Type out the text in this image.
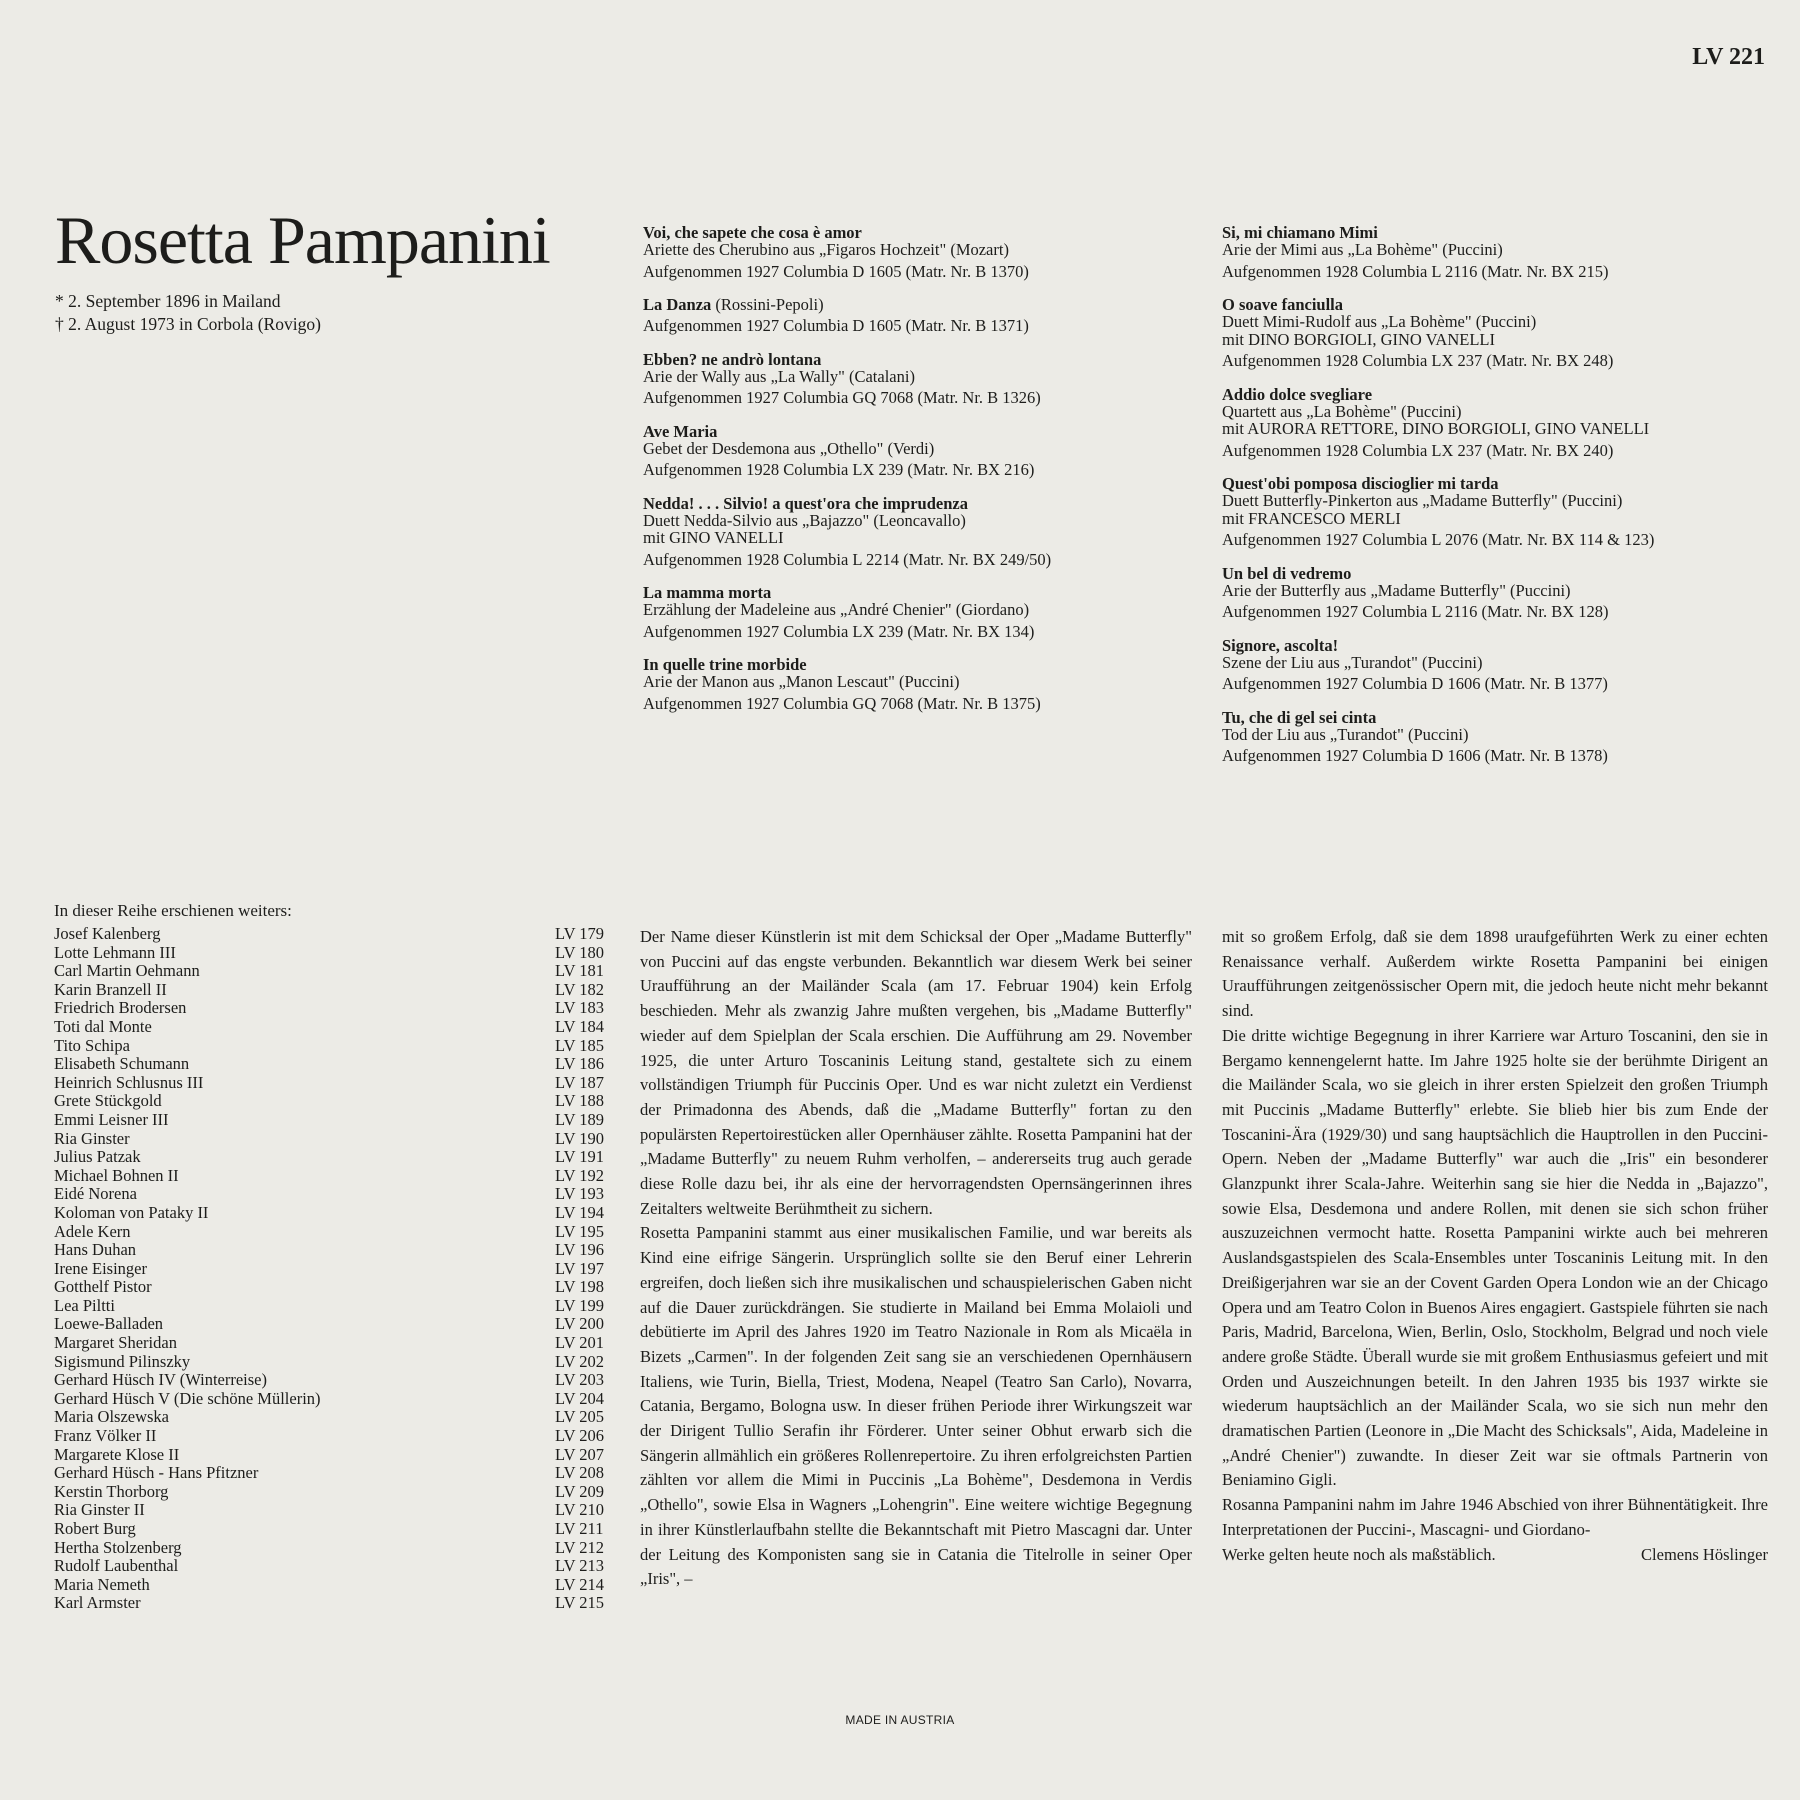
LV 221
Rosetta Pampanini
* 2. September 1896 in Mailand
† 2. August 1973 in Corbola (Rovigo)
Voi, che sapete che cosa è amor
Ariette des Cherubino aus „Figaros Hochzeit" (Mozart)
Aufgenommen 1927 Columbia D 1605 (Matr. Nr. B 1370)
La Danza (Rossini-Pepoli)
Aufgenommen 1927 Columbia D 1605 (Matr. Nr. B 1371)
Ebben? ne andrò lontana
Arie der Wally aus „La Wally" (Catalani)
Aufgenommen 1927 Columbia GQ 7068 (Matr. Nr. B 1326)
Ave Maria
Gebet der Desdemona aus „Othello" (Verdi)
Aufgenommen 1928 Columbia LX 239 (Matr. Nr. BX 216)
Nedda! . . . Silvio! a quest'ora che imprudenza
Duett Nedda-Silvio aus „Bajazzo" (Leoncavallo)
mit GINO VANELLI
Aufgenommen 1928 Columbia L 2214 (Matr. Nr. BX 249/50)
La mamma morta
Erzählung der Madeleine aus „André Chenier" (Giordano)
Aufgenommen 1927 Columbia LX 239 (Matr. Nr. BX 134)
In quelle trine morbide
Arie der Manon aus „Manon Lescaut" (Puccini)
Aufgenommen 1927 Columbia GQ 7068 (Matr. Nr. B 1375)
Si, mi chiamano Mimi
Arie der Mimi aus „La Bohème" (Puccini)
Aufgenommen 1928 Columbia L 2116 (Matr. Nr. BX 215)
O soave fanciulla
Duett Mimi-Rudolf aus „La Bohème" (Puccini)
mit DINO BORGIOLI, GINO VANELLI
Aufgenommen 1928 Columbia LX 237 (Matr. Nr. BX 248)
Addio dolce svegliare
Quartett aus „La Bohème" (Puccini)
mit AURORA RETTORE, DINO BORGIOLI, GINO VANELLI
Aufgenommen 1928 Columbia LX 237 (Matr. Nr. BX 240)
Quest'obi pomposa discioglier mi tarda
Duett Butterfly-Pinkerton aus „Madame Butterfly" (Puccini)
mit FRANCESCO MERLI
Aufgenommen 1927 Columbia L 2076 (Matr. Nr. BX 114 & 123)
Un bel di vedremo
Arie der Butterfly aus „Madame Butterfly" (Puccini)
Aufgenommen 1927 Columbia L 2116 (Matr. Nr. BX 128)
Signore, ascolta!
Szene der Liu aus „Turandot" (Puccini)
Aufgenommen 1927 Columbia D 1606 (Matr. Nr. B 1377)
Tu, che di gel sei cinta
Tod der Liu aus „Turandot" (Puccini)
Aufgenommen 1927 Columbia D 1606 (Matr. Nr. B 1378)
In dieser Reihe erschienen weiters:
Josef Kalenberg	LV 179
Lotte Lehmann III	LV 180
Carl Martin Oehmann	LV 181
Karin Branzell II	LV 182
Friedrich Brodersen	LV 183
Toti dal Monte	LV 184
Tito Schipa	LV 185
Elisabeth Schumann	LV 186
Heinrich Schlusnus III	LV 187
Grete Stückgold	LV 188
Emmi Leisner III	LV 189
Ria Ginster	LV 190
Julius Patzak	LV 191
Michael Bohnen II	LV 192
Eidé Norena	LV 193
Koloman von Pataky II	LV 194
Adele Kern	LV 195
Hans Duhan	LV 196
Irene Eisinger	LV 197
Gotthelf Pistor	LV 198
Lea Piltti	LV 199
Loewe-Balladen	LV 200
Margaret Sheridan	LV 201
Sigismund Pilinszky	LV 202
Gerhard Hüsch IV (Winterreise)	LV 203
Gerhard Hüsch V (Die schöne Müllerin)	LV 204
Maria Olszewska	LV 205
Franz Völker II	LV 206
Margarete Klose II	LV 207
Gerhard Hüsch - Hans Pfitzner	LV 208
Kerstin Thorborg	LV 209
Ria Ginster II	LV 210
Robert Burg	LV 211
Hertha Stolzenberg	LV 212
Rudolf Laubenthal	LV 213
Maria Nemeth	LV 214
Karl Armster	LV 215

Der Name dieser Künstlerin ist mit dem Schicksal der Oper „Madame Butterfly" von Puccini auf das engste verbunden. Bekanntlich war diesem Werk bei seiner Uraufführung an der Mailänder Scala (am 17. Februar 1904) kein Erfolg beschieden. Mehr als zwanzig Jahre mußten vergehen, bis „Madame Butterfly" wieder auf dem Spielplan der Scala erschien. Die Aufführung am 29. November 1925, die unter Arturo Toscaninis Leitung stand, gestaltete sich zu einem vollständigen Triumph für Puccinis Oper. Und es war nicht zuletzt ein Verdienst der Primadonna des Abends, daß die „Madame Butterfly" fortan zu den populärsten Repertoirestücken aller Opernhäuser zählte. Rosetta Pampanini hat der „Madame Butterfly" zu neuem Ruhm verholfen, – andererseits trug auch gerade diese Rolle dazu bei, ihr als eine der hervorragendsten Opernsängerinnen ihres Zeitalters weltweite Berühmtheit zu sichern.

Rosetta Pampanini stammt aus einer musikalischen Familie, und war bereits als Kind eine eifrige Sängerin. Ursprünglich sollte sie den Beruf einer Lehrerin ergreifen, doch ließen sich ihre musikalischen und schauspielerischen Gaben nicht auf die Dauer zurückdrängen. Sie studierte in Mailand bei Emma Molaioli und debütierte im April des Jahres 1920 im Teatro Nazionale in Rom als Micaëla in Bizets „Carmen". In der folgenden Zeit sang sie an verschiedenen Opernhäusern Italiens, wie Turin, Biella, Triest, Modena, Neapel (Teatro San Carlo), Novarra, Catania, Bergamo, Bologna usw. In dieser frühen Periode ihrer Wirkungszeit war der Dirigent Tullio Serafin ihr Förderer. Unter seiner Obhut erwarb sich die Sängerin allmählich ein größeres Rollenrepertoire. Zu ihren erfolgreichsten Partien zählten vor allem die Mimi in Puccinis „La Bohème", Desdemona in Verdis „Othello", sowie Elsa in Wagners „Lohengrin". Eine weitere wichtige Begegnung in ihrer Künstlerlaufbahn stellte die Bekanntschaft mit Pietro Mascagni dar. Unter der Leitung des Komponisten sang sie in Catania die Titelrolle in seiner Oper „Iris", –

mit so großem Erfolg, daß sie dem 1898 uraufgeführten Werk zu einer echten Renaissance verhalf. Außerdem wirkte Rosetta Pampanini bei einigen Uraufführungen zeitgenössischer Opern mit, die jedoch heute nicht mehr bekannt sind.

Die dritte wichtige Begegnung in ihrer Karriere war Arturo Toscanini, den sie in Bergamo kennengelernt hatte. Im Jahre 1925 holte sie der berühmte Dirigent an die Mailänder Scala, wo sie gleich in ihrer ersten Spielzeit den großen Triumph mit Puccinis „Madame Butterfly" erlebte. Sie blieb hier bis zum Ende der Toscanini-Ära (1929/30) und sang hauptsächlich die Hauptrollen in den Puccini-Opern. Neben der „Madame Butterfly" war auch die „Iris" ein besonderer Glanzpunkt ihrer Scala-Jahre. Weiterhin sang sie hier die Nedda in „Bajazzo", sowie Elsa, Desdemona und andere Rollen, mit denen sie sich schon früher auszuzeichnen vermocht hatte. Rosetta Pampanini wirkte auch bei mehreren Auslandsgastspielen des Scala-Ensembles unter Toscaninis Leitung mit. In den Dreißigerjahren war sie an der Covent Garden Opera London wie an der Chicago Opera und am Teatro Colon in Buenos Aires engagiert. Gastspiele führten sie nach Paris, Madrid, Barcelona, Wien, Berlin, Oslo, Stockholm, Belgrad und noch viele andere große Städte. Überall wurde sie mit großem Enthusiasmus gefeiert und mit Orden und Auszeichnungen beteilt. In den Jahren 1935 bis 1937 wirkte sie wiederum hauptsächlich an der Mailänder Scala, wo sie sich nun mehr den dramatischen Partien (Leonore in „Die Macht des Schicksals", Aida, Madeleine in „André Chenier") zuwandte. In dieser Zeit war sie oftmals Partnerin von Beniamino Gigli.

Rosanna Pampanini nahm im Jahre 1946 Abschied von ihrer Bühnentätigkeit. Ihre Interpretationen der Puccini-, Mascagni- und Giordano-

Werke gelten heute noch als maßstäblich.	Clemens Höslinger
MADE IN AUSTRIA
